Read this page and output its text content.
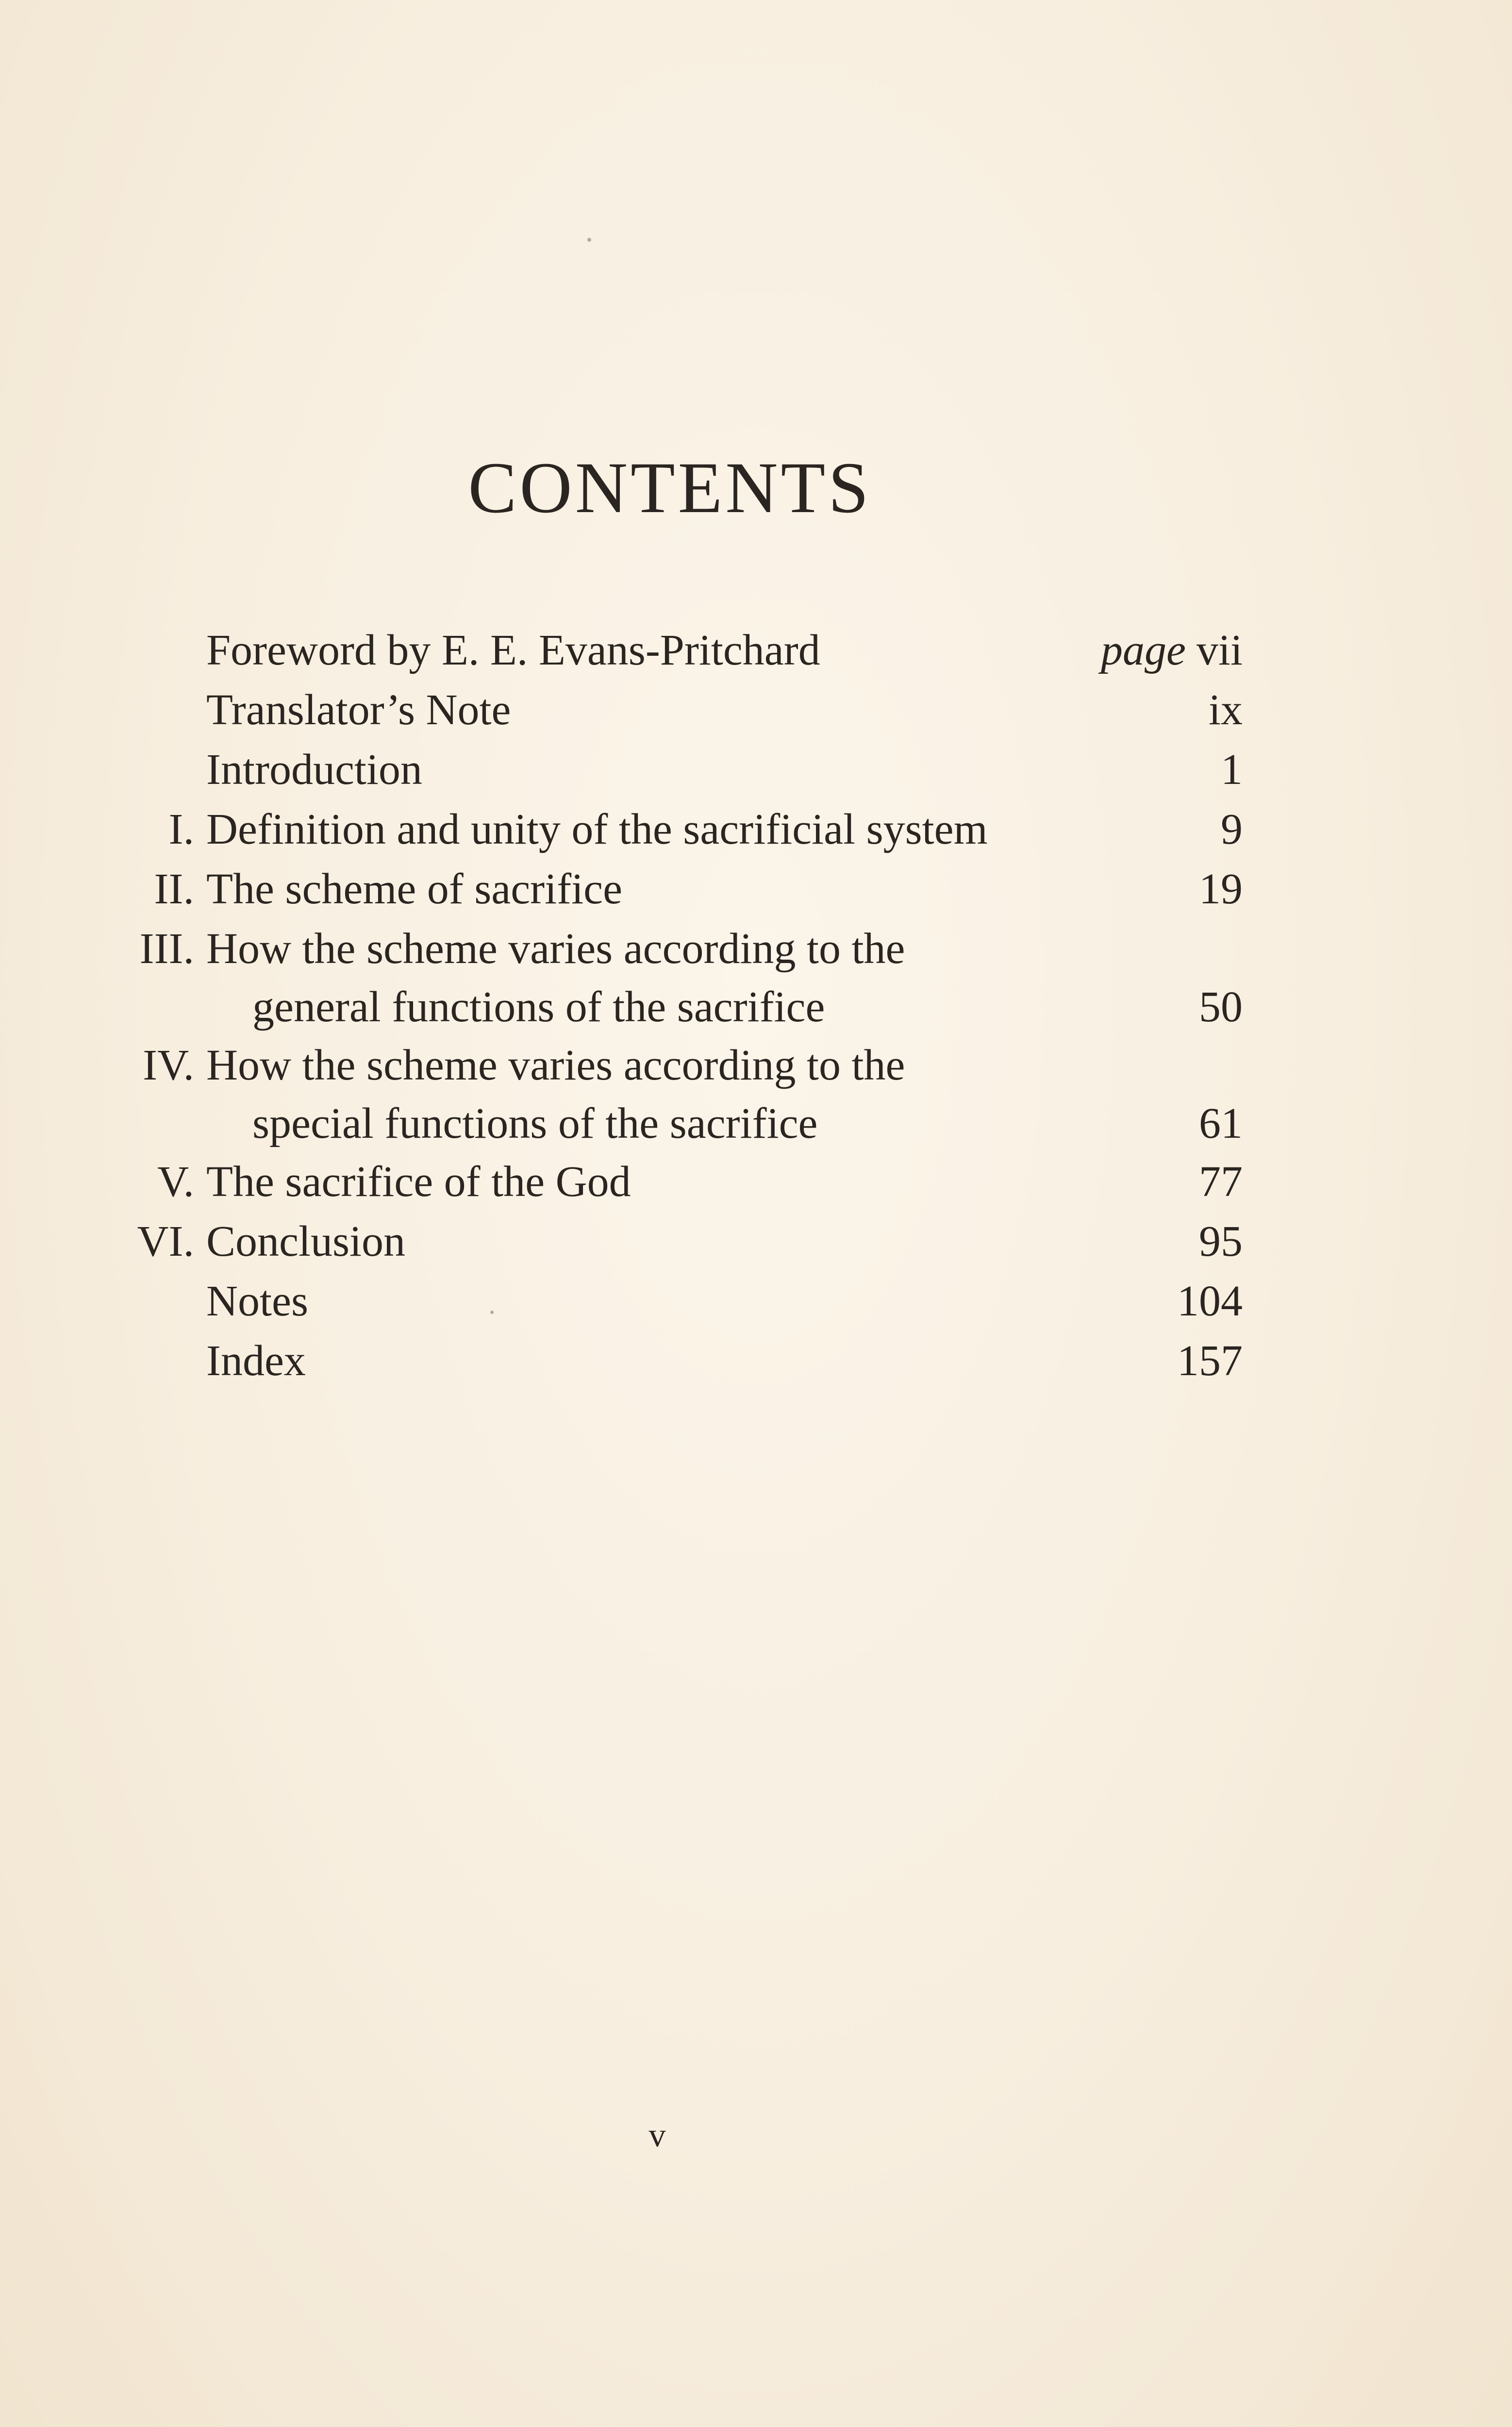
CONTENTS
Foreword by E. E. Evans-Pritchard	page vii
Translator’s Note	ix
Introduction	1
I. Definition and unity of the sacrificial system	9
II. The scheme of sacrifice	19
III. How the scheme varies according to the
general functions of the sacrifice	50
IV. How the scheme varies according to the
special functions of the sacrifice	61
V. The sacrifice of the God	77
VI. Conclusion	95
Notes	104
Index	157
v
